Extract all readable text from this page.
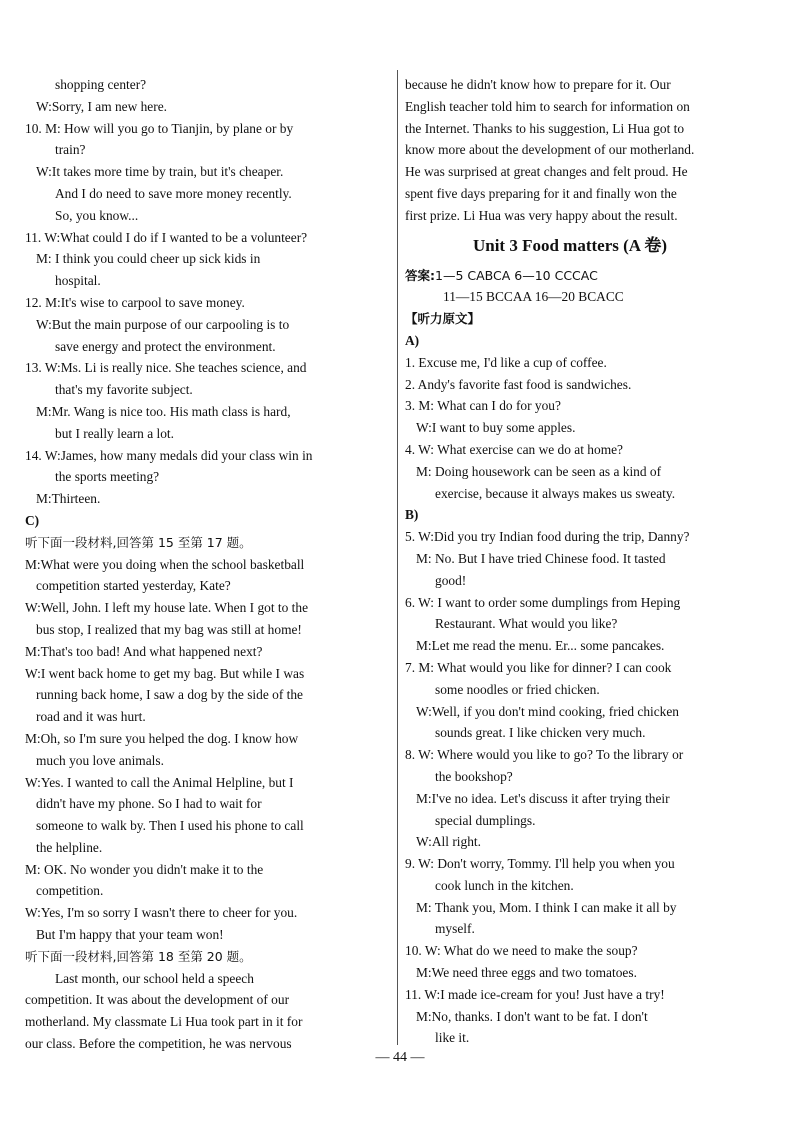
shopping center?
W:Sorry, I am new here.
10. M: How will you go to Tianjin, by plane or by
train?
W:It takes more time by train, but it's cheaper.
And I do need to save more money recently.
So, you know...
11. W:What could I do if I wanted to be a volunteer?
M: I think you could cheer up sick kids in
hospital.
12. M:It's wise to carpool to save money.
W:But the main purpose of our carpooling is to
save energy and protect the environment.
13. W:Ms. Li is really nice. She teaches science, and
that's my favorite subject.
M:Mr. Wang is nice too. His math class is hard,
but I really learn a lot.
14. W:James, how many medals did your class win in
the sports meeting?
M:Thirteen.
C)
听下面一段材料,回答第 15 至第 17 题。
M:What were you doing when the school basketball
competition started yesterday, Kate?
W:Well, John. I left my house late. When I got to the
bus stop, I realized that my bag was still at home!
M:That's too bad! And what happened next?
W:I went back home to get my bag. But while I was
running back home, I saw a dog by the side of the
road and it was hurt.
M:Oh, so I'm sure you helped the dog. I know how
much you love animals.
W:Yes. I wanted to call the Animal Helpline, but I
didn't have my phone. So I had to wait for
someone to walk by. Then I used his phone to call
the helpline.
M: OK. No wonder you didn't make it to the
competition.
W:Yes, I'm so sorry I wasn't there to cheer for you.
But I'm happy that your team won!
听下面一段材料,回答第 18 至第 20 题。
Last month, our school held a speech
competition. It was about the development of our
motherland. My classmate Li Hua took part in it for
our class. Before the competition, he was nervous
because he didn't know how to prepare for it. Our
English teacher told him to search for information on
the Internet. Thanks to his suggestion, Li Hua got to
know more about the development of our motherland.
He was surprised at great changes and felt proud. He
spent five days preparing for it and finally won the
first prize. Li Hua was very happy about the result.
Unit 3 Food matters (A 卷)
答案:1—5 CABCA 6—10 CCCAC
11—15 BCCAA 16—20 BCACC
【听力原文】
A)
1. Excuse me, I'd like a cup of coffee.
2. Andy's favorite fast food is sandwiches.
3. M: What can I do for you?
W:I want to buy some apples.
4. W: What exercise can we do at home?
M: Doing housework can be seen as a kind of
exercise, because it always makes us sweaty.
B)
5. W:Did you try Indian food during the trip, Danny?
M: No. But I have tried Chinese food. It tasted
good!
6. W: I want to order some dumplings from Heping
Restaurant. What would you like?
M:Let me read the menu. Er... some pancakes.
7. M: What would you like for dinner? I can cook
some noodles or fried chicken.
W:Well, if you don't mind cooking, fried chicken
sounds great. I like chicken very much.
8. W: Where would you like to go? To the library or
the bookshop?
M:I've no idea. Let's discuss it after trying their
special dumplings.
W:All right.
9. W: Don't worry, Tommy. I'll help you when you
cook lunch in the kitchen.
M: Thank you, Mom. I think I can make it all by
myself.
10. W: What do we need to make the soup?
M:We need three eggs and two tomatoes.
11. W:I made ice-cream for you! Just have a try!
M:No, thanks. I don't want to be fat. I don't
like it.
— 44 —
